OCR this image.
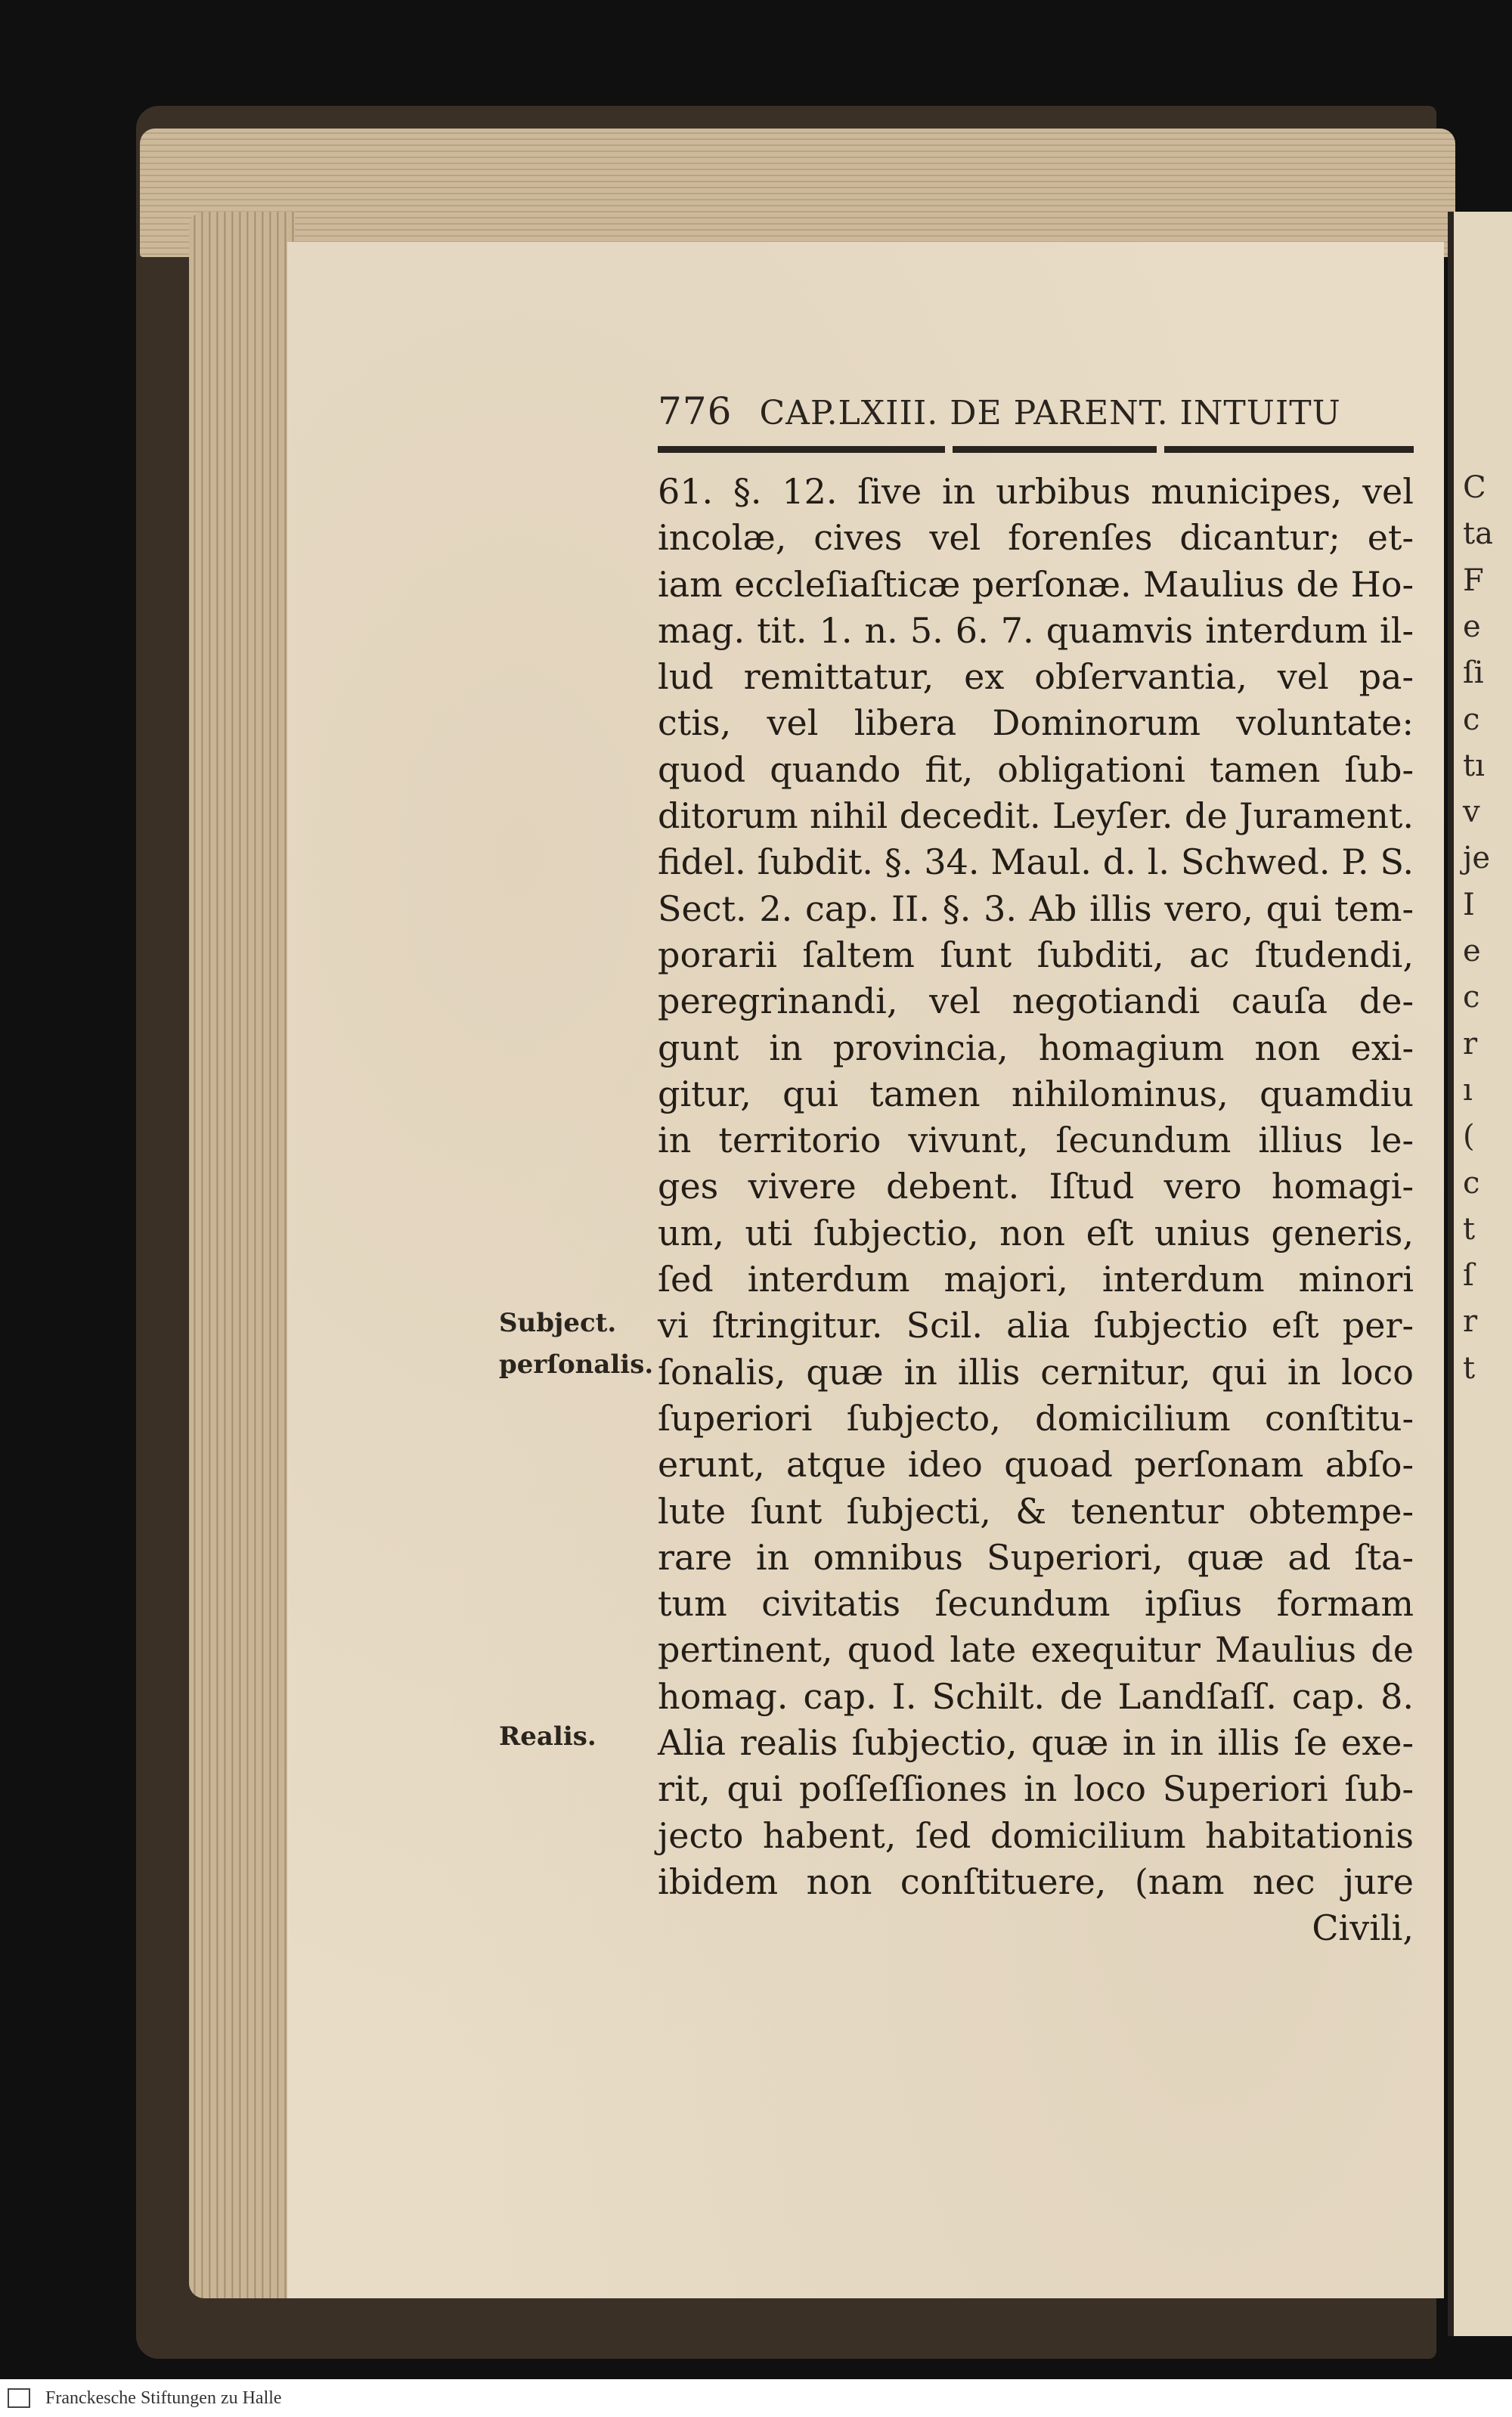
C
ta
F
e
ſi
c
tı
v
je
I
e
c
r
ı
(
c
t
ſ
r
t
776 CAP.LXIII. DE PARENT. INTUITU
61. §. 12. ſive in urbibus municipes, vel
incolæ, cives vel forenſes dicantur; et-
iam eccleſiaſticæ perſonæ. Maulius de Ho-
mag. tit. 1. n. 5. 6. 7. quamvis interdum il-
lud remittatur, ex obſervantia, vel pa-
ctis, vel libera Dominorum voluntate:
quod quando fit, obligationi tamen ſub-
ditorum nihil decedit. Leyſer. de Jurament.
fidel. ſubdit. §. 34. Maul. d. l. Schwed. P. S.
Sect. 2. cap. II. §. 3. Ab illis vero, qui tem-
porarii ſaltem ſunt ſubditi, ac ſtudendi,
peregrinandi, vel negotiandi cauſa de-
gunt in provincia, homagium non exi-
gitur, qui tamen nihilominus, quamdiu
in territorio vivunt, ſecundum illius le-
ges vivere debent. Iſtud vero homagi-
um, uti ſubjectio, non eſt unius generis,
ſed interdum majori, interdum minori
vi ſtringitur. Scil. alia ſubjectio eſt per-
ſonalis, quæ in illis cernitur, qui in loco
ſuperiori ſubjecto, domicilium conſtitu-
erunt, atque ideo quoad perſonam abſo-
lute ſunt ſubjecti, & tenentur obtempe-
rare in omnibus Superiori, quæ ad ſta-
tum civitatis ſecundum ipſius formam
pertinent, quod late exequitur Maulius de
homag. cap. I. Schilt. de Landſaſſ. cap. 8.
Alia realis ſubjectio, quæ in in illis ſe exe-
rit, qui poſſeſſiones in loco Superiori ſub-
jecto habent, ſed domicilium habitationis
ibidem non conſtituere, (nam nec jure
Civili,
Subject.
perſonalis.
Realis.
Franckesche Stiftungen zu Halle
